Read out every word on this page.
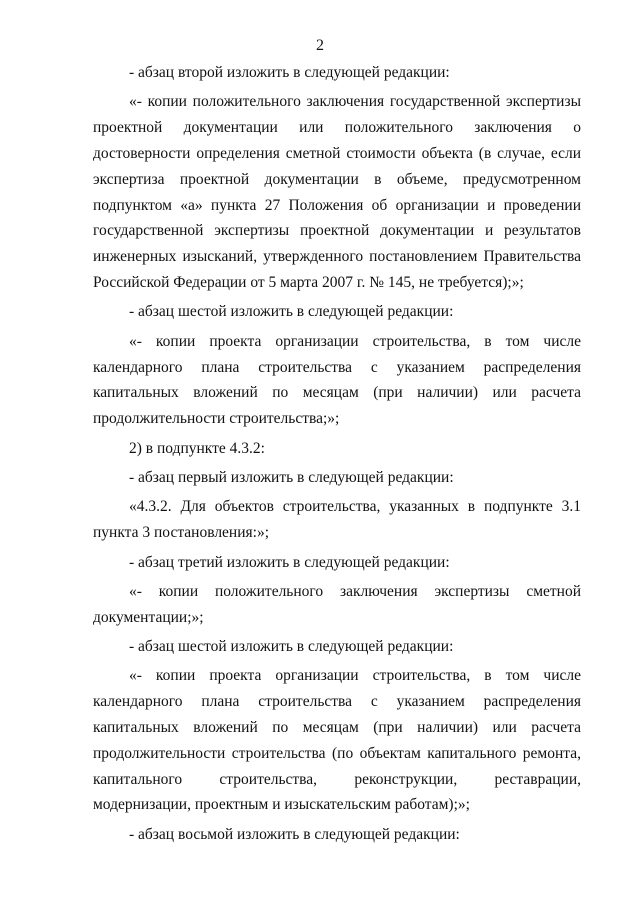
2

- абзац второй изложить в следующей редакции:

«- копии положительного заключения государственной экспертизы проектной документации или положительного заключения о достоверности определения сметной стоимости объекта (в случае, если экспертиза проектной документации в объеме, предусмотренном подпунктом «а» пункта 27 Положения об организации и проведении государственной экспертизы проектной документации и результатов инженерных изысканий, утвержденного постановлением Правительства Российской Федерации от 5 марта 2007 г. № 145, не требуется);»;

- абзац шестой изложить в следующей редакции:

«- копии проекта организации строительства, в том числе календарного плана строительства с указанием распределения капитальных вложений по месяцам (при наличии) или расчета продолжительности строительства;»;

2) в подпункте 4.3.2:

- абзац первый изложить в следующей редакции:

«4.3.2. Для объектов строительства, указанных в подпункте 3.1 пункта 3 постановления:»;

- абзац третий изложить в следующей редакции:

«- копии положительного заключения экспертизы сметной документации;»;

- абзац шестой изложить в следующей редакции:

«- копии проекта организации строительства, в том числе календарного плана строительства с указанием распределения капитальных вложений по месяцам (при наличии) или расчета продолжительности строительства (по объектам капитального ремонта, капитального строительства, реконструкции, реставрации, модернизации, проектным и изыскательским работам);»;

- абзац восьмой изложить в следующей редакции:
